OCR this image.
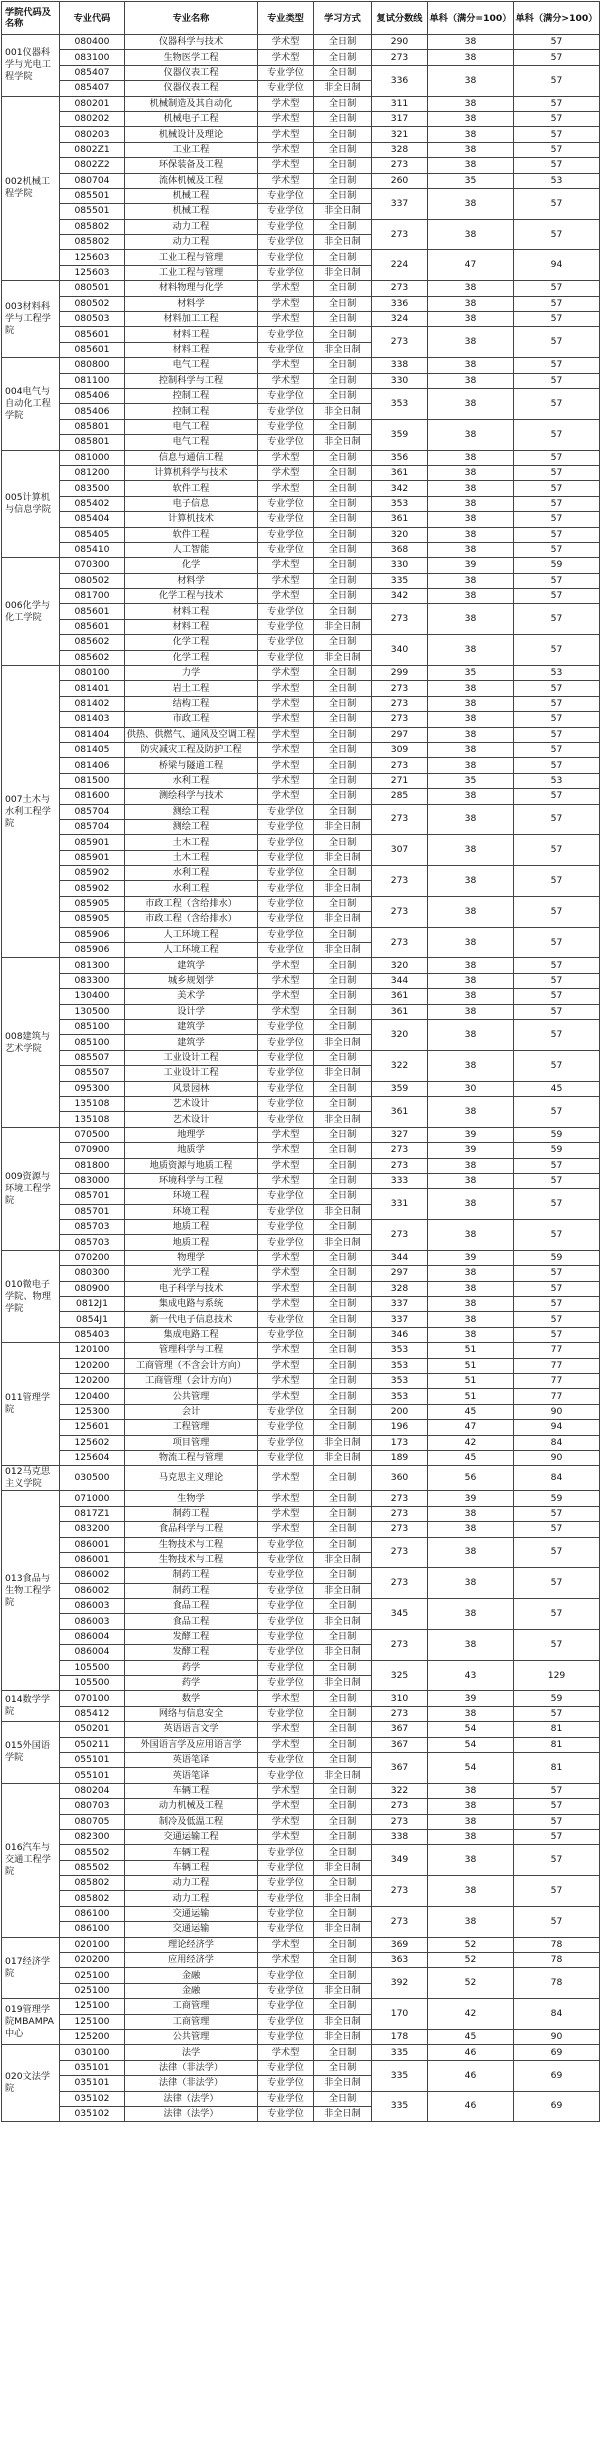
学院代码及名称	专业代码	专业名称	专业类型	学习方式	复试分数线	单科（满分=100）	单科（满分>100）
001仪器科学与光电工程学院	080400	仪器科学与技术	学术型	全日制	290	38	57
	083100	生物医学工程	学术型	全日制	273	38	57
	085407	仪器仪表工程	专业学位	全日制	336	38	57
	085407	仪器仪表工程	专业学位	非全日制			
002机械工程学院	080201	机械制造及其自动化	学术型	全日制	311	38	57
	080202	机械电子工程	学术型	全日制	317	38	57
	080203	机械设计及理论	学术型	全日制	321	38	57
	0802Z1	工业工程	学术型	全日制	328	38	57
	0802Z2	环保装备及工程	学术型	全日制	273	38	57
	080704	流体机械及工程	学术型	全日制	260	35	53
	085501	机械工程	专业学位	全日制	337	38	57
	085501	机械工程	专业学位	非全日制			
	085802	动力工程	专业学位	全日制	273	38	57
	085802	动力工程	专业学位	非全日制			
	125603	工业工程与管理	专业学位	全日制	224	47	94
	125603	工业工程与管理	专业学位	非全日制			
003材料科学与工程学院	080501	材料物理与化学	学术型	全日制	273	38	57
	080502	材料学	学术型	全日制	336	38	57
	080503	材料加工工程	学术型	全日制	324	38	57
	085601	材料工程	专业学位	全日制	273	38	57
	085601	材料工程	专业学位	非全日制			
004电气与自动化工程学院	080800	电气工程	学术型	全日制	338	38	57
	081100	控制科学与工程	学术型	全日制	330	38	57
	085406	控制工程	专业学位	全日制	353	38	57
	085406	控制工程	专业学位	非全日制			
	085801	电气工程	专业学位	全日制	359	38	57
	085801	电气工程	专业学位	非全日制			
005计算机与信息学院	081000	信息与通信工程	学术型	全日制	356	38	57
	081200	计算机科学与技术	学术型	全日制	361	38	57
	083500	软件工程	学术型	全日制	342	38	57
	085402	电子信息	专业学位	全日制	353	38	57
	085404	计算机技术	专业学位	全日制	361	38	57
	085405	软件工程	专业学位	全日制	320	38	57
	085410	人工智能	专业学位	全日制	368	38	57
006化学与化工学院	070300	化学	学术型	全日制	330	39	59
	080502	材料学	学术型	全日制	335	38	57
	081700	化学工程与技术	学术型	全日制	342	38	57
	085601	材料工程	专业学位	全日制	273	38	57
	085601	材料工程	专业学位	非全日制			
	085602	化学工程	专业学位	全日制	340	38	57
	085602	化学工程	专业学位	非全日制			
007土木与水利工程学院	080100	力学	学术型	全日制	299	35	53
	081401	岩土工程	学术型	全日制	273	38	57
	081402	结构工程	学术型	全日制	273	38	57
	081403	市政工程	学术型	全日制	273	38	57
	081404	供热、供燃气、通风及空调工程	学术型	全日制	297	38	57
	081405	防灾减灾工程及防护工程	学术型	全日制	309	38	57
	081406	桥梁与隧道工程	学术型	全日制	273	38	57
	081500	水利工程	学术型	全日制	271	35	53
	081600	测绘科学与技术	学术型	全日制	285	38	57
	085704	测绘工程	专业学位	全日制	273	38	57
	085704	测绘工程	专业学位	非全日制			
	085901	土木工程	专业学位	全日制	307	38	57
	085901	土木工程	专业学位	非全日制			
	085902	水利工程	专业学位	全日制	273	38	57
	085902	水利工程	专业学位	非全日制			
	085905	市政工程（含给排水）	专业学位	全日制	273	38	57
	085905	市政工程（含给排水）	专业学位	非全日制			
	085906	人工环境工程	专业学位	全日制	273	38	57
	085906	人工环境工程	专业学位	非全日制			
008建筑与艺术学院	081300	建筑学	学术型	全日制	320	38	57
	083300	城乡规划学	学术型	全日制	344	38	57
	130400	美术学	学术型	全日制	361	38	57
	130500	设计学	学术型	全日制	361	38	57
	085100	建筑学	专业学位	全日制	320	38	57
	085100	建筑学	专业学位	非全日制			
	085507	工业设计工程	专业学位	全日制	322	38	57
	085507	工业设计工程	专业学位	非全日制			
	095300	风景园林	专业学位	全日制	359	30	45
	135108	艺术设计	专业学位	全日制	361	38	57
	135108	艺术设计	专业学位	非全日制			
009资源与环境工程学院	070500	地理学	学术型	全日制	327	39	59
	070900	地质学	学术型	全日制	273	39	59
	081800	地质资源与地质工程	学术型	全日制	273	38	57
	083000	环境科学与工程	学术型	全日制	333	38	57
	085701	环境工程	专业学位	全日制	331	38	57
	085701	环境工程	专业学位	非全日制			
	085703	地质工程	专业学位	全日制	273	38	57
	085703	地质工程	专业学位	非全日制			
010微电子学院、物理学院	070200	物理学	学术型	全日制	344	39	59
	080300	光学工程	学术型	全日制	297	38	57
	080900	电子科学与技术	学术型	全日制	328	38	57
	0812J1	集成电路与系统	学术型	全日制	337	38	57
	0854J1	新一代电子信息技术	专业学位	全日制	337	38	57
	085403	集成电路工程	专业学位	全日制	346	38	57
011管理学院	120100	管理科学与工程	学术型	全日制	353	51	77
	120200	工商管理（不含会计方向）	学术型	全日制	353	51	77
	120200	工商管理（会计方向）	学术型	全日制	353	51	77
	120400	公共管理	学术型	全日制	353	51	77
	125300	会计	专业学位	全日制	200	45	90
	125601	工程管理	专业学位	全日制	196	47	94
	125602	项目管理	专业学位	非全日制	173	42	84
	125604	物流工程与管理	专业学位	非全日制	189	45	90
012马克思主义学院	030500	马克思主义理论	学术型	全日制	360	56	84
013食品与生物工程学院	071000	生物学	学术型	全日制	273	39	59
	0817Z1	制药工程	学术型	全日制	273	38	57
	083200	食品科学与工程	学术型	全日制	273	38	57
	086001	生物技术与工程	专业学位	全日制	273	38	57
	086001	生物技术与工程	专业学位	非全日制			
	086002	制药工程	专业学位	全日制	273	38	57
	086002	制药工程	专业学位	非全日制			
	086003	食品工程	专业学位	全日制	345	38	57
	086003	食品工程	专业学位	非全日制			
	086004	发酵工程	专业学位	全日制	273	38	57
	086004	发酵工程	专业学位	非全日制			
	105500	药学	专业学位	全日制	325	43	129
	105500	药学	专业学位	非全日制			
014数学学院	070100	数学	学术型	全日制	310	39	59
	085412	网络与信息安全	专业学位	全日制	273	38	57
015外国语学院	050201	英语语言文学	学术型	全日制	367	54	81
	050211	外国语言学及应用语言学	学术型	全日制	367	54	81
	055101	英语笔译	专业学位	全日制	367	54	81
	055101	英语笔译	专业学位	非全日制			
016汽车与交通工程学院	080204	车辆工程	学术型	全日制	322	38	57
	080703	动力机械及工程	学术型	全日制	273	38	57
	080705	制冷及低温工程	学术型	全日制	273	38	57
	082300	交通运输工程	学术型	全日制	338	38	57
	085502	车辆工程	专业学位	全日制	349	38	57
	085502	车辆工程	专业学位	非全日制			
	085802	动力工程	专业学位	全日制	273	38	57
	085802	动力工程	专业学位	非全日制			
	086100	交通运输	专业学位	全日制	273	38	57
	086100	交通运输	专业学位	非全日制			
017经济学院	020100	理论经济学	学术型	全日制	369	52	78
	020200	应用经济学	学术型	全日制	363	52	78
	025100	金融	专业学位	全日制	392	52	78
	025100	金融	专业学位	非全日制			
019管理学院MBAMPA中心	125100	工商管理	专业学位	全日制	170	42	84
	125100	工商管理	专业学位	非全日制			
	125200	公共管理	专业学位	非全日制	178	45	90
020文法学院	030100	法学	学术型	全日制	335	46	69
	035101	法律（非法学）	专业学位	全日制	335	46	69
	035101	法律（非法学）	专业学位	非全日制			
	035102	法律（法学）	专业学位	全日制	335	46	69
	035102	法律（法学）	专业学位	非全日制			
